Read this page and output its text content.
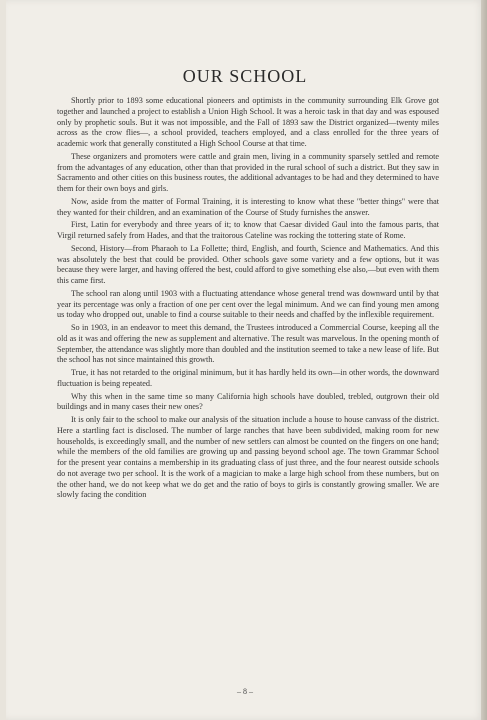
OUR SCHOOL

Shortly prior to 1893 some educational pioneers and optimists in the community surrounding Elk Grove got together and launched a project to establish a Union High School. It was a heroic task in that day and was espoused only by prophetic souls. But it was not impossible, and the Fall of 1893 saw the District organized—twenty miles across as the crow flies—, a school provided, teachers employed, and a class enrolled for the three years of academic work that generally constituted a High School Course at that time.

These organizers and promoters were cattle and grain men, living in a community sparsely settled and remote from the advantages of any education, other than that provided in the rural school of such a district. But they saw in Sacramento and other cities on this business routes, the additional advantages to be had and they determined to have them for their own boys and girls.

Now, aside from the matter of Formal Training, it is interesting to know what these "better things" were that they wanted for their children, and an examination of the Course of Study furnishes the answer.

First, Latin for everybody and three years of it; to know that Caesar divided Gaul into the famous parts, that Virgil returned safely from Hades, and that the traitorous Cateline was rocking the tottering state of Rome.

Second, History—from Pharaoh to La Follette; third, English, and fourth, Science and Mathematics. And this was absolutely the best that could be provided. Other schools gave some variety and a few options, but it was because they were larger, and having offered the best, could afford to give something else also,—but even with them this came first.

The school ran along until 1903 with a fluctuating attendance whose general trend was downward until by that year its percentage was only a fraction of one per cent over the legal minimum. And we can find young men among us today who dropped out, unable to find a course suitable to their needs and chaffed by the inflexible requirement.

So in 1903, in an endeavor to meet this demand, the Trustees introduced a Commercial Course, keeping all the old as it was and offering the new as supplement and alternative. The result was marvelous. In the opening month of September, the attendance was slightly more than doubled and the institution seemed to take a new lease of life. But the school has not since maintained this growth.

True, it has not retarded to the original minimum, but it has hardly held its own—in other words, the downward fluctuation is being repeated.

Why this when in the same time so many California high schools have doubled, trebled, outgrown their old buildings and in many cases their new ones?

It is only fair to the school to make our analysis of the situation include a house to house canvass of the district. Here a startling fact is disclosed. The number of large ranches that have been subdivided, making room for new households, is exceedingly small, and the number of new settlers can almost be counted on the fingers on one hand; while the members of the old families are growing up and passing beyond school age. The town Grammar School for the present year contains a membership in its graduating class of just three, and the four nearest outside schools do not average two per school. It is the work of a magician to make a large high school from these numbers, but on the other hand, we do not keep what we do get and the ratio of boys to girls is constantly growing smaller. We are slowly facing the condition

– 8 –
